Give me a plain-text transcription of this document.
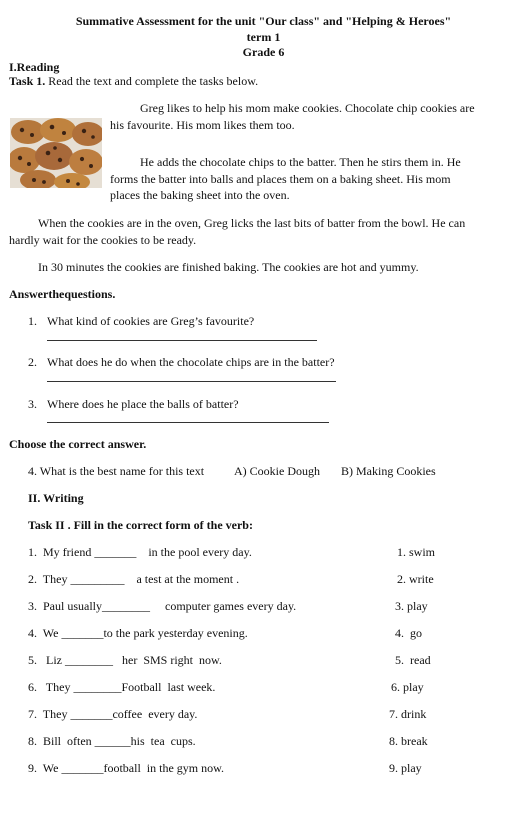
Summative Assessment for the unit "Our class" and "Helping & Heroes"
term 1
Grade 6
I.Reading
Task 1. Read the text and complete the tasks below.
Greg likes to help his mom make cookies. Chocolate chip cookies are
his favourite. His mom likes them too.
He adds the chocolate chips to the batter. Then he stirs them in. He
forms the batter into balls and places them on a baking sheet. His mom
places the baking sheet into the oven.
When the cookies are in the oven, Greg licks the last bits of batter from the bowl. He can
hardly wait for the cookies to be ready.
In 30 minutes the cookies are finished baking. The cookies are hot and yummy.
Answerthequestions.
1. What kind of cookies are Greg’s favourite?
2. What does he do when the chocolate chips are in the batter?
3. Where does he place the balls of batter?
Choose the correct answer.
4. What is the best name for this text A) Cookie Dough B) Making Cookies
II. Writing
Task II . Fill in the correct form of the verb:
1.  My friend _______    in the pool every day.	1. swim
2.  They _________    a test at the moment .	2. write
3.  Paul usually________     computer games every day.	3. play
4.  We _______to the park yesterday evening.	4.  go
5.   Liz ________   her  SMS right  now.	5.  read
6.   They ________Football  last week.	6. play
7.  They _______coffee  every day.	7. drink
8.  Bill  often ______his  tea  cups.	8. break
9.  We _______football  in the gym now.	9. play
